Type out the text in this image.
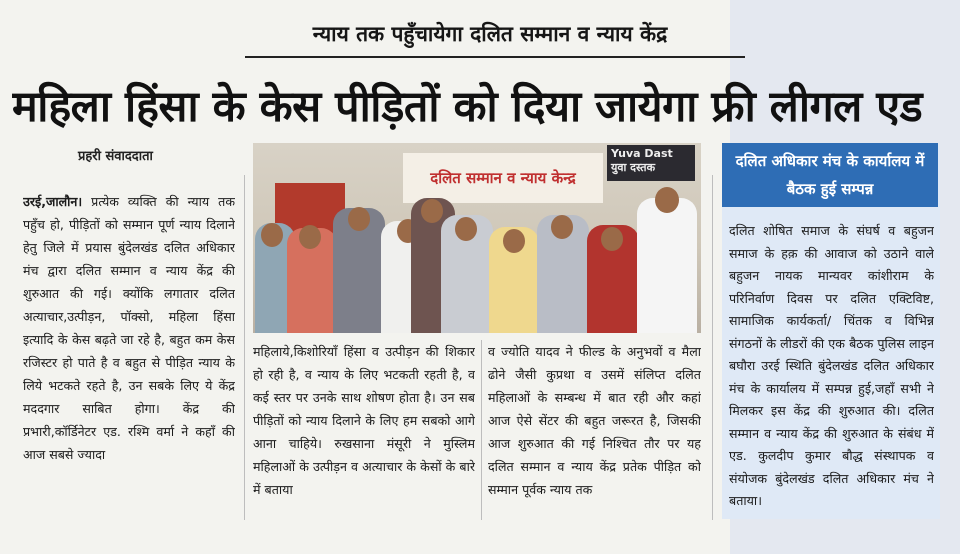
न्याय तक पहुँचायेगा दलित सम्मान व न्याय केंद्र
महिला हिंसा के केस पीड़ितों को दिया जायेगा फ्री लीगल एड
प्रहरी संवाददाता
दलित सम्मान व न्याय केन्द्र
Yuva Dast युवा दस्तक
उरई,जालौन। प्रत्येक व्यक्ति की न्याय तक पहुँच हो, पीड़ितों को सम्मान पूर्ण न्याय दिलाने हेतु जिले में प्रयास बुंदेलखंड दलित अधिकार मंच द्वारा दलित सम्मान व न्याय केंद्र की शुरुआत की गई। क्योंकि लगातार दलित अत्याचार,उत्पीड़न, पॉक्सो, महिला हिंसा इत्यादि के केस बढ़ते जा रहे है, बहुत कम केस रजिस्टर हो पाते है व बहुत से पीड़ित न्याय के लिये भटकते रहते है, उन सबके लिए ये केंद्र मददगार साबित होगा। केंद्र की प्रभारी,कॉर्डिनेटर एड. रश्मि वर्मा ने कहाँ की आज सबसे ज्यादा
महिलाये,किशोरियाँ हिंसा व उत्पीड़न की शिकार हो रही है, व न्याय के लिए भटकती रहती है, व कई स्तर पर उनके साथ शोषण होता है। उन सब पीड़ितों को न्याय दिलाने के लिए हम सबको आगे आना चाहिये। रुखसाना मंसूरी ने मुस्लिम महिलाओं के उत्पीड़न व अत्याचार के केसों के बारे में बताया
व ज्योति यादव ने फील्ड के अनुभवों व मैला ढोने जैसी कुप्रथा व उसमें संलिप्त दलित महिलाओं के सम्बन्ध में बात रही और कहां आज ऐसे सेंटर की बहुत जरूरत है, जिसकी आज शुरुआत की गई निश्चित तौर पर यह दलित सम्मान व न्याय केंद्र प्रतेक पीड़ित को सम्मान पूर्वक न्याय तक
दलित अधिकार मंच के कार्यालय में बैठक हुई सम्पन्न
दलित शोषित समाज के संघर्ष व बहुजन समाज के हक़ की आवाज को उठाने वाले बहुजन नायक मान्यवर कांशीराम के परिनिर्वाण दिवस पर दलित एक्टिविष्ट, सामाजिक कार्यकर्ता/ चिंतक व विभिन्न संगठनों के लीडरों की एक बैठक पुलिस लाइन बघौरा उरई स्थिति बुंदेलखंड दलित अधिकार मंच के कार्यालय में सम्पन्न हुई,जहाँ सभी ने मिलकर इस केंद्र की शुरुआत की। दलित सम्मान व न्याय केंद्र की शुरुआत के संबंध में एड. कुलदीप कुमार बौद्ध संस्थापक व संयोजक बुंदेलखंड दलित अधिकार मंच ने बताया।
